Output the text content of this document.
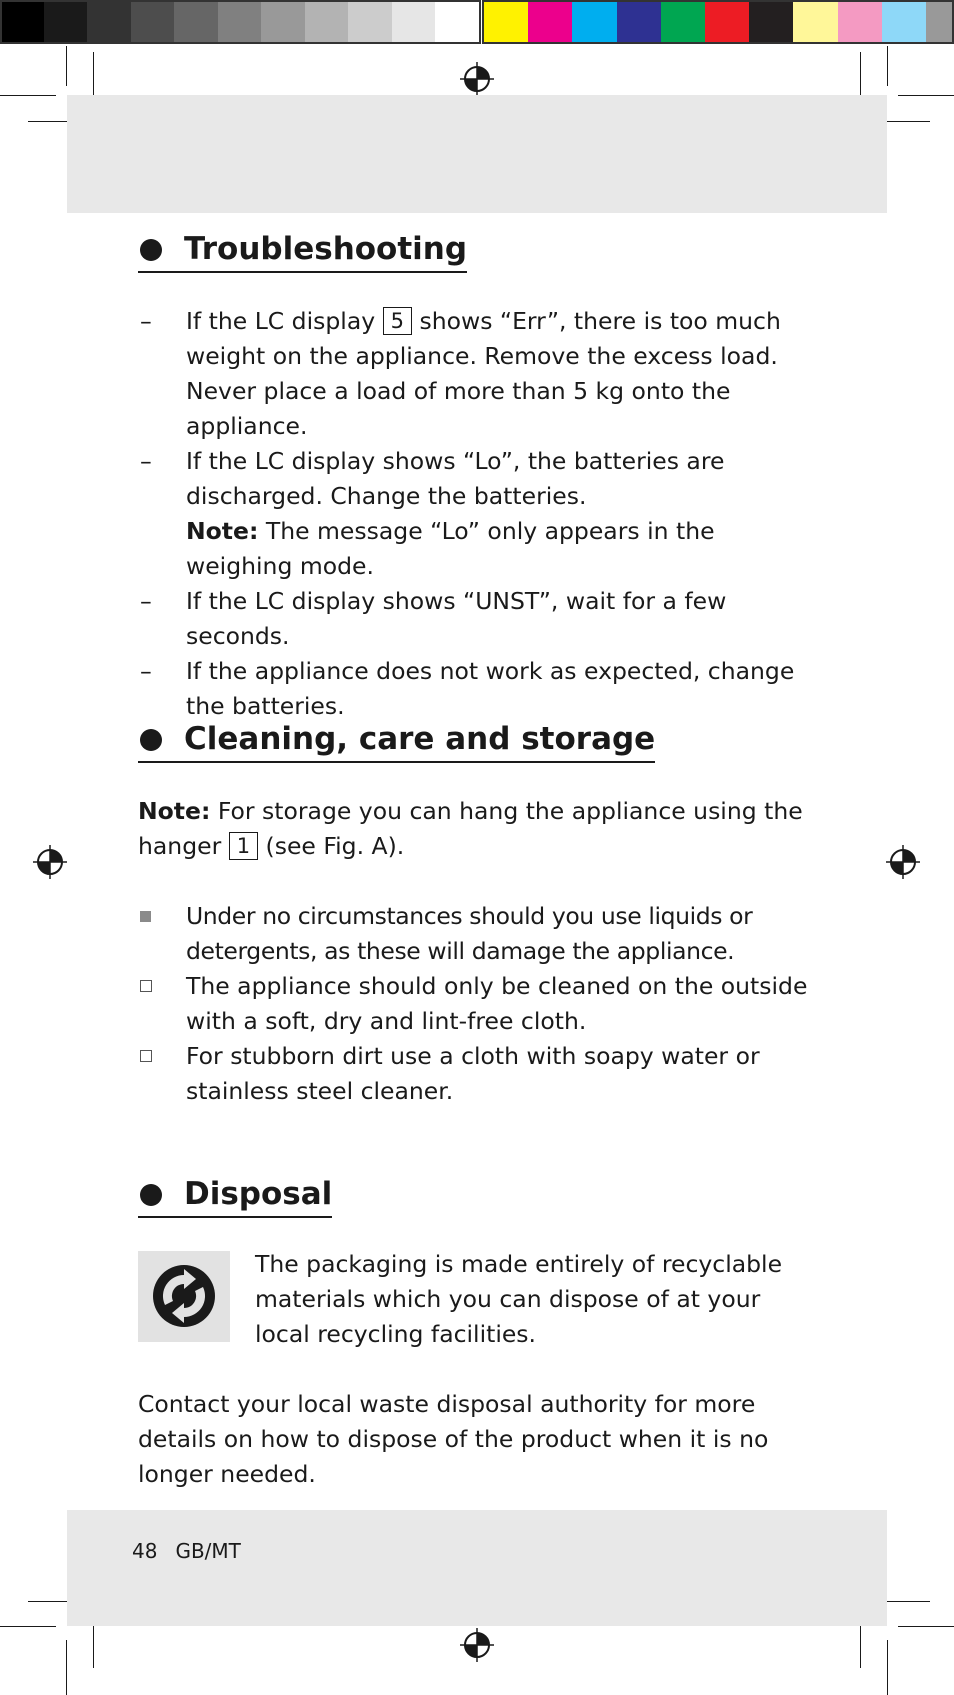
Troubleshooting
–	If the LC display 5 shows “Err”, there is too much weight on the appliance. Remove the excess load. Never place a load of more than 5 kg onto the appliance.
–	If the LC display shows “Lo”, the batteries are discharged. Change the batteries.
Note: The message “Lo” only appears in the weighing mode.
–	If the LC display shows “UNST”, wait for a few seconds.
–	If the appliance does not work as expected, change the batteries.
Cleaning, care and storage
Note: For storage you can hang the appliance using the hanger 1 (see Fig. A).
Under no circumstances should you use liquids or detergents, as these will damage the appliance.
The appliance should only be cleaned on the outside with a soft, dry and lint-free cloth.
For stubborn dirt use a cloth with soapy water or stainless steel cleaner.
Disposal
The packaging is made entirely of recyclable materials which you can dispose of at your local recycling facilities.
Contact your local waste disposal authority for more details on how to dispose of the product when it is no longer needed.
48 GB/MT
